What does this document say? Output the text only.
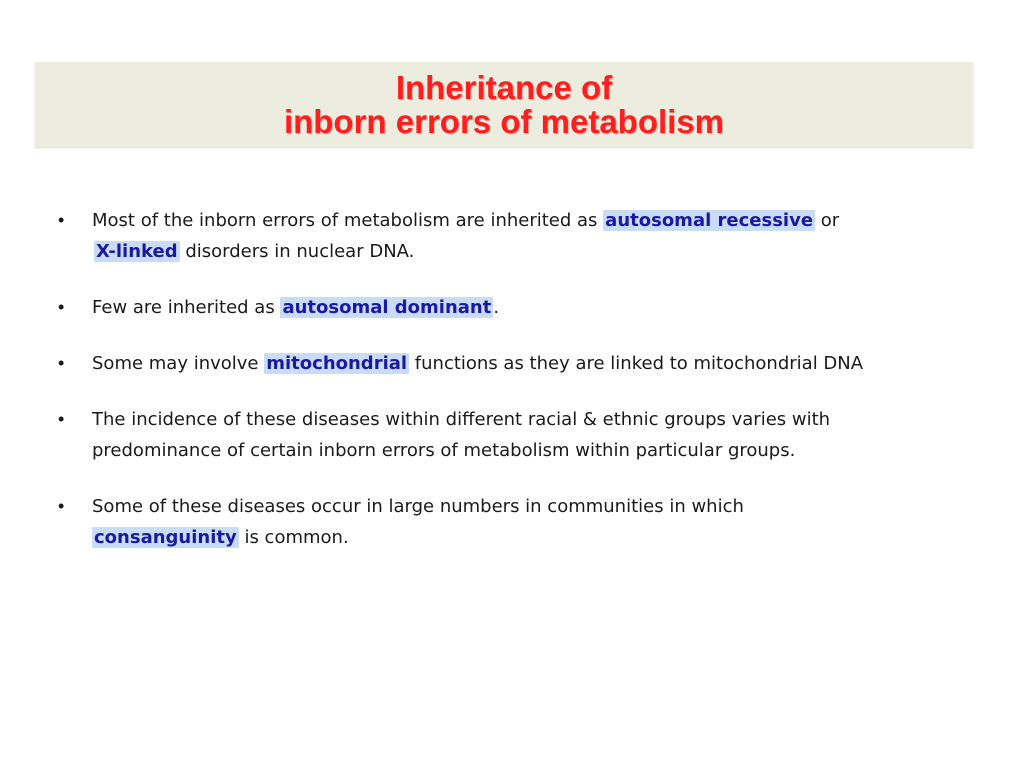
Inheritance of
inborn errors of metabolism
• Most of the inborn errors of metabolism are inherited as autosomal recessive or
X-linked disorders in nuclear DNA.
• Few are inherited as autosomal dominant .
• Some may involve mitochondrial functions as they are linked to mitochondrial DNA
• The incidence of these diseases within different racial & ethnic groups varies with
predominance of certain inborn errors of metabolism within particular groups.
• Some of these diseases occur in large numbers in communities in which
consanguinity is common.
